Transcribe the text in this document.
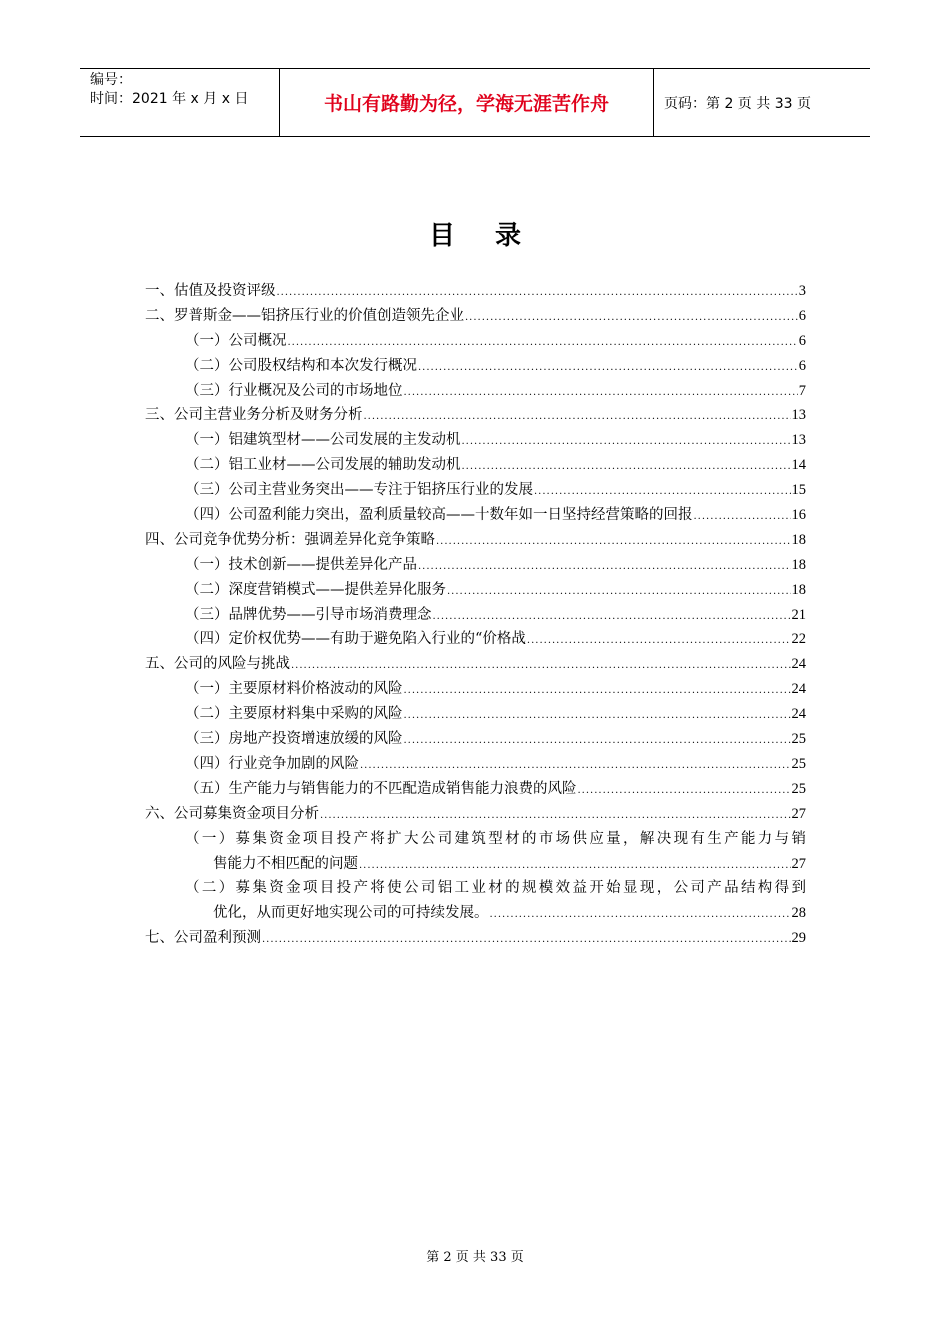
编号：
时间：2021 年 x 月 x 日	书山有路勤为径，学海无涯苦作舟	页码：第 2 页 共 33 页
目录
一、估值及投资评级 .....	3
二、罗普斯金——铝挤压行业的价值创造领先企业 .....	6
（一）公司概况 .....	6
（二）公司股权结构和本次发行概况 .....	6
（三）行业概况及公司的市场地位 .....	7
三、公司主营业务分析及财务分析 .....	13
（一）铝建筑型材——公司发展的主发动机 .....	13
（二）铝工业材——公司发展的辅助发动机 .....	14
（三）公司主营业务突出——专注于铝挤压行业的发展 .....	15
（四）公司盈利能力突出，盈利质量较高——十数年如一日坚持经营策略的回报 .....	16
四、公司竞争优势分析：强调差异化竞争策略 .....	18
（一）技术创新——提供差异化产品 .....	18
（二）深度营销模式——提供差异化服务 .....	18
（三）品牌优势——引导市场消费理念 .....	21
（四）定价权优势——有助于避免陷入行业的“价格战 .....	22
五、公司的风险与挑战 .....	24
（一）主要原材料价格波动的风险 .....	24
（二）主要原材料集中采购的风险 .....	24
（三）房地产投资增速放缓的风险 .....	25
（四）行业竞争加剧的风险 .....	25
（五）生产能力与销售能力的不匹配造成销售能力浪费的风险 .....	25
六、公司募集资金项目分析 .....	27
（一）募集资金项目投产将扩大公司建筑型材的市场供应量，解决现有生产能力与销
售能力不相匹配的问题 .....	27
（二）募集资金项目投产将使公司铝工业材的规模效益开始显现，公司产品结构得到
优化，从而更好地实现公司的可持续发展。 .....	28
七、公司盈利预测 .....	29
第 2 页 共 33 页
